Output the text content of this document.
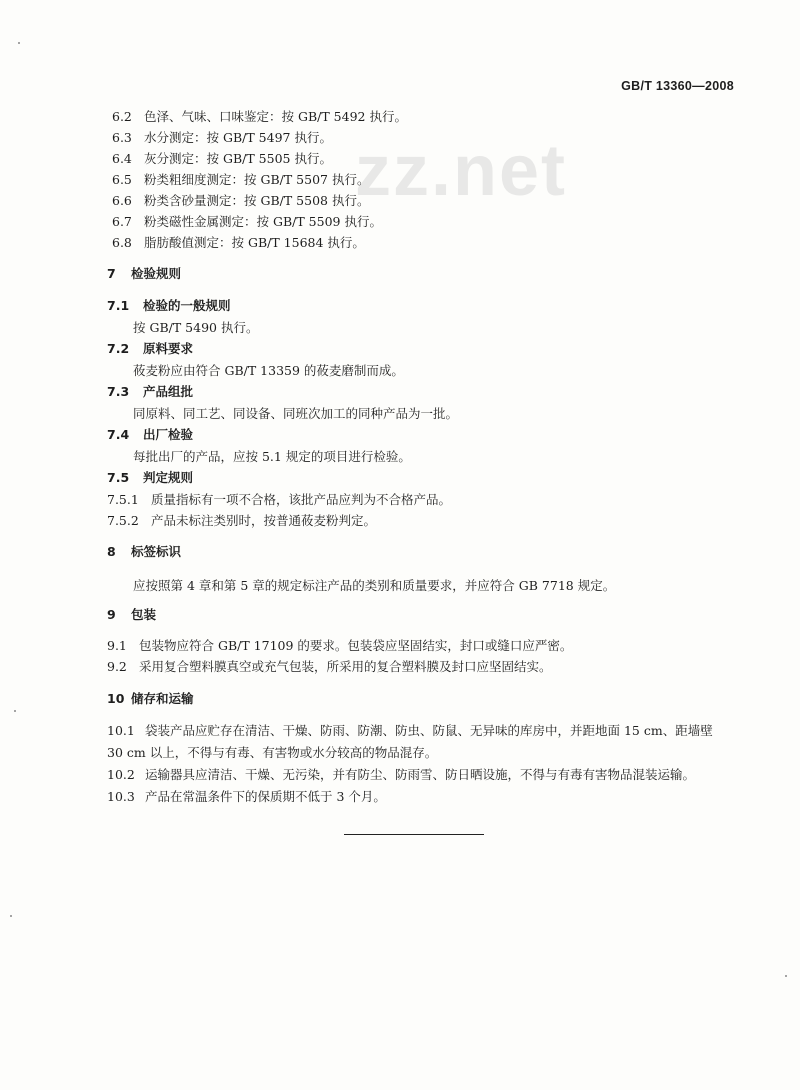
GB/T 13360—2008
zz.net
6.2 色泽、气味、口味鉴定：按 GB/T 5492 执行。
6.3 水分测定：按 GB/T 5497 执行。
6.4 灰分测定：按 GB/T 5505 执行。
6.5 粉类粗细度测定：按 GB/T 5507 执行。
6.6 粉类含砂量测定：按 GB/T 5508 执行。
6.7 粉类磁性金属测定：按 GB/T 5509 执行。
6.8 脂肪酸值测定：按 GB/T 15684 执行。
7 检验规则
7.1 检验的一般规则
按 GB/T 5490 执行。
7.2 原料要求
莜麦粉应由符合 GB/T 13359 的莜麦磨制而成。
7.3 产品组批
同原料、同工艺、同设备、同班次加工的同种产品为一批。
7.4 出厂检验
每批出厂的产品，应按 5.1 规定的项目进行检验。
7.5 判定规则
7.5.1 质量指标有一项不合格，该批产品应判为不合格产品。
7.5.2 产品未标注类别时，按普通莜麦粉判定。
8 标签标识
应按照第 4 章和第 5 章的规定标注产品的类别和质量要求，并应符合 GB 7718 规定。
9 包装
9.1 包装物应符合 GB/T 17109 的要求。包装袋应坚固结实，封口或缝口应严密。
9.2 采用复合塑料膜真空或充气包装，所采用的复合塑料膜及封口应坚固结实。
10 储存和运输
10.1 袋装产品应贮存在清洁、干燥、防雨、防潮、防虫、防鼠、无异味的库房中，并距地面 15 cm、距墙壁
30 cm 以上，不得与有毒、有害物或水分较高的物品混存。
10.2 运输器具应清洁、干燥、无污染，并有防尘、防雨雪、防日晒设施，不得与有毒有害物品混装运输。
10.3 产品在常温条件下的保质期不低于 3 个月。
